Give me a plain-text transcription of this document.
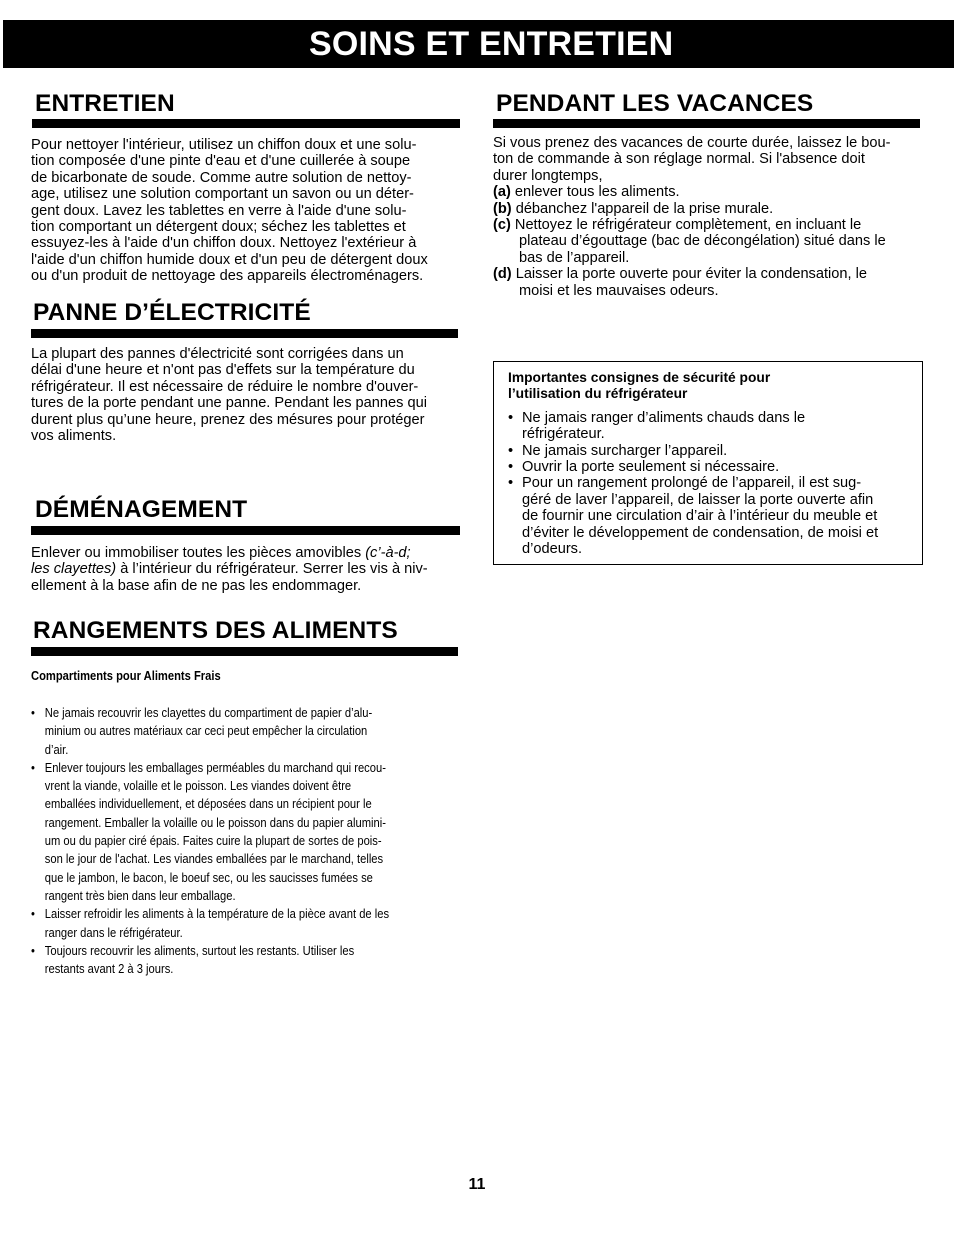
SOINS ET ENTRETIEN
ENTRETIEN

Pour nettoyer l'intérieur, utilisez un chiffon doux et une solu-

tion composée d'une pinte d'eau et d'une cuillerée à soupe

de bicarbonate de soude. Comme autre solution de nettoy-

age, utilisez une solution comportant un savon ou un déter-

gent doux. Lavez les tablettes en verre à l'aide d'une solu-

tion comportant un détergent doux; séchez les tablettes et

essuyez-les à l'aide d'un chiffon doux. Nettoyez l'extérieur à

l'aide d'un chiffon humide doux et d'un peu de détergent doux

ou d'un produit de nettoyage des appareils électroménagers.

PANNE D’ÉLECTRICITÉ

La plupart des pannes d'électricité sont corrigées dans un

délai d'une heure et n'ont pas d'effets sur la température du

réfrigérateur. Il est nécessaire de réduire le nombre d'ouver-

tures de la porte pendant une panne. Pendant les pannes qui

durent plus qu’une heure, prenez des mésures pour protéger

vos aliments.

DÉMÉNAGEMENT

Enlever ou immobiliser toutes les pièces amovibles (c’-à-d;

les clayettes) à l’intérieur du réfrigérateur. Serrer les vis à niv-

ellement à la base afin de ne pas les endommager.

RANGEMENTS DES ALIMENTS
Compartiments pour Aliments Frais
• Ne jamais recouvrir les clayettes du compartiment de papier d’alu-
minium ou autres matériaux car ceci peut empêcher la circulation
d’air.
• Enlever toujours les emballages perméables du marchand qui recou-
vrent la viande, volaille et le poisson. Les viandes doivent être
emballées individuellement, et déposées dans un récipient pour le
rangement. Emballer la volaille ou le poisson dans du papier alumini-
um ou du papier ciré épais. Faites cuire la plupart de sortes de pois-
son le jour de l'achat. Les viandes emballées par le marchand, telles
que le jambon, le bacon, le boeuf sec, ou les saucisses fumées se
rangent très bien dans leur emballage.
• Laisser refroidir les aliments à la température de la pièce avant de les
ranger dans le réfrigérateur.
• Toujours recouvrir les aliments, surtout les restants. Utiliser les
restants avant 2 à 3 jours.
PENDANT LES VACANCES

Si vous prenez des vacances de courte durée, laissez le bou-

ton de commande à son réglage normal. Si l'absence doit

durer longtemps,

(a) enlever tous les aliments.
(b) débanchez l'appareil de la prise murale.
(c) Nettoyez le réfrigérateur complètement, en incluant le
plateau d’égouttage (bac de décongélation) situé dans le
bas de l’appareil.
(d) Laisser la porte ouverte pour éviter la condensation, le
moisi et les mauvaises odeurs.
Importantes consignes de sécurité pour
l’utilisation du réfrigérateur
• Ne jamais ranger d’aliments chauds dans le
réfrigérateur.
• Ne jamais surcharger l’appareil.
• Ouvrir la porte seulement si nécessaire.
• Pour un rangement prolongé de l’appareil, il est sug-
géré de laver l’appareil, de laisser la porte ouverte afin
de fournir une circulation d’air à l’intérieur du meuble et
d’éviter le développement de condensation, de moisi et
d’odeurs.
11
